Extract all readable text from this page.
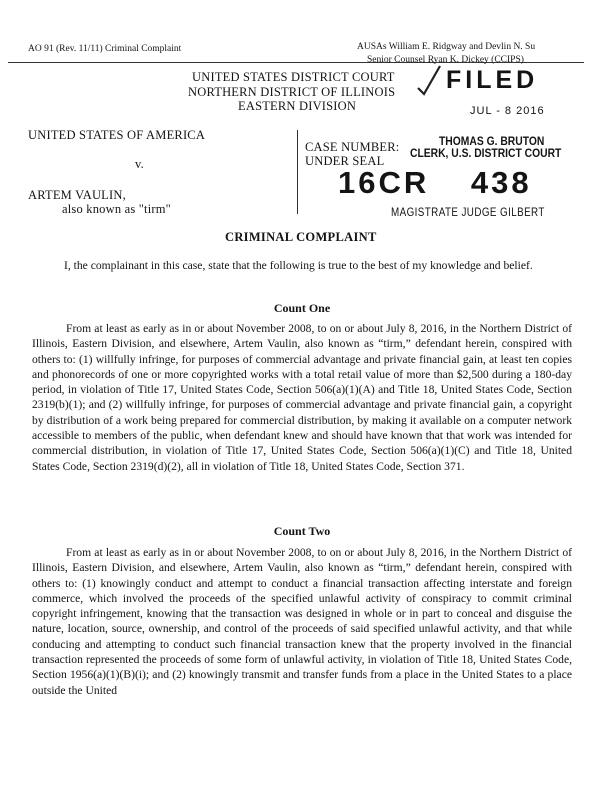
AO 91 (Rev. 11/11) Criminal Complaint	AUSAs William E. Ridgway and Devlin N. Su
Senior Counsel Ryan K. Dickey (CCIPS)
UNITED STATES DISTRICT COURT
NORTHERN DISTRICT OF ILLINOIS
EASTERN DIVISION
FILED
JUL - 8 2016
THOMAS G. BRUTON
CLERK, U.S. DISTRICT COURT
UNITED STATES OF AMERICA
v.
ARTEM VAULIN,
also known as "tirm"
CASE NUMBER:
UNDER SEAL
16CR 438
MAGISTRATE JUDGE GILBERT
CRIMINAL COMPLAINT
I, the complainant in this case, state that the following is true to the best of my knowledge and belief.
Count One
From at least as early as in or about November 2008, to on or about July 8, 2016, in the Northern District of Illinois, Eastern Division, and elsewhere, Artem Vaulin, also known as “tirm,” defendant herein, conspired with others to: (1) willfully infringe, for purposes of commercial advantage and private financial gain, at least ten copies and phonorecords of one or more copyrighted works with a total retail value of more than $2,500 during a 180-day period, in violation of Title 17, United States Code, Section 506(a)(1)(A) and Title 18, United States Code, Section 2319(b)(1); and (2) willfully infringe, for purposes of commercial advantage and private financial gain, a copyright by distribution of a work being prepared for commercial distribution, by making it available on a computer network accessible to members of the public, when defendant knew and should have known that that work was intended for commercial distribution, in violation of Title 17, United States Code, Section 506(a)(1)(C) and Title 18, United States Code, Section 2319(d)(2), all in violation of Title 18, United States Code, Section 371.
Count Two
From at least as early as in or about November 2008, to on or about July 8, 2016, in the Northern District of Illinois, Eastern Division, and elsewhere, Artem Vaulin, also known as “tirm,” defendant herein, conspired with others to: (1) knowingly conduct and attempt to conduct a financial transaction affecting interstate and foreign commerce, which involved the proceeds of the specified unlawful activity of conspiracy to commit criminal copyright infringement, knowing that the transaction was designed in whole or in part to conceal and disguise the nature, location, source, ownership, and control of the proceeds of said specified unlawful activity, and that while conducing and attempting to conduct such financial transaction knew that the property involved in the financial transaction represented the proceeds of some form of unlawful activity, in violation of Title 18, United States Code, Section 1956(a)(1)(B)(i); and (2) knowingly transmit and transfer funds from a place in the United States to a place outside the United
